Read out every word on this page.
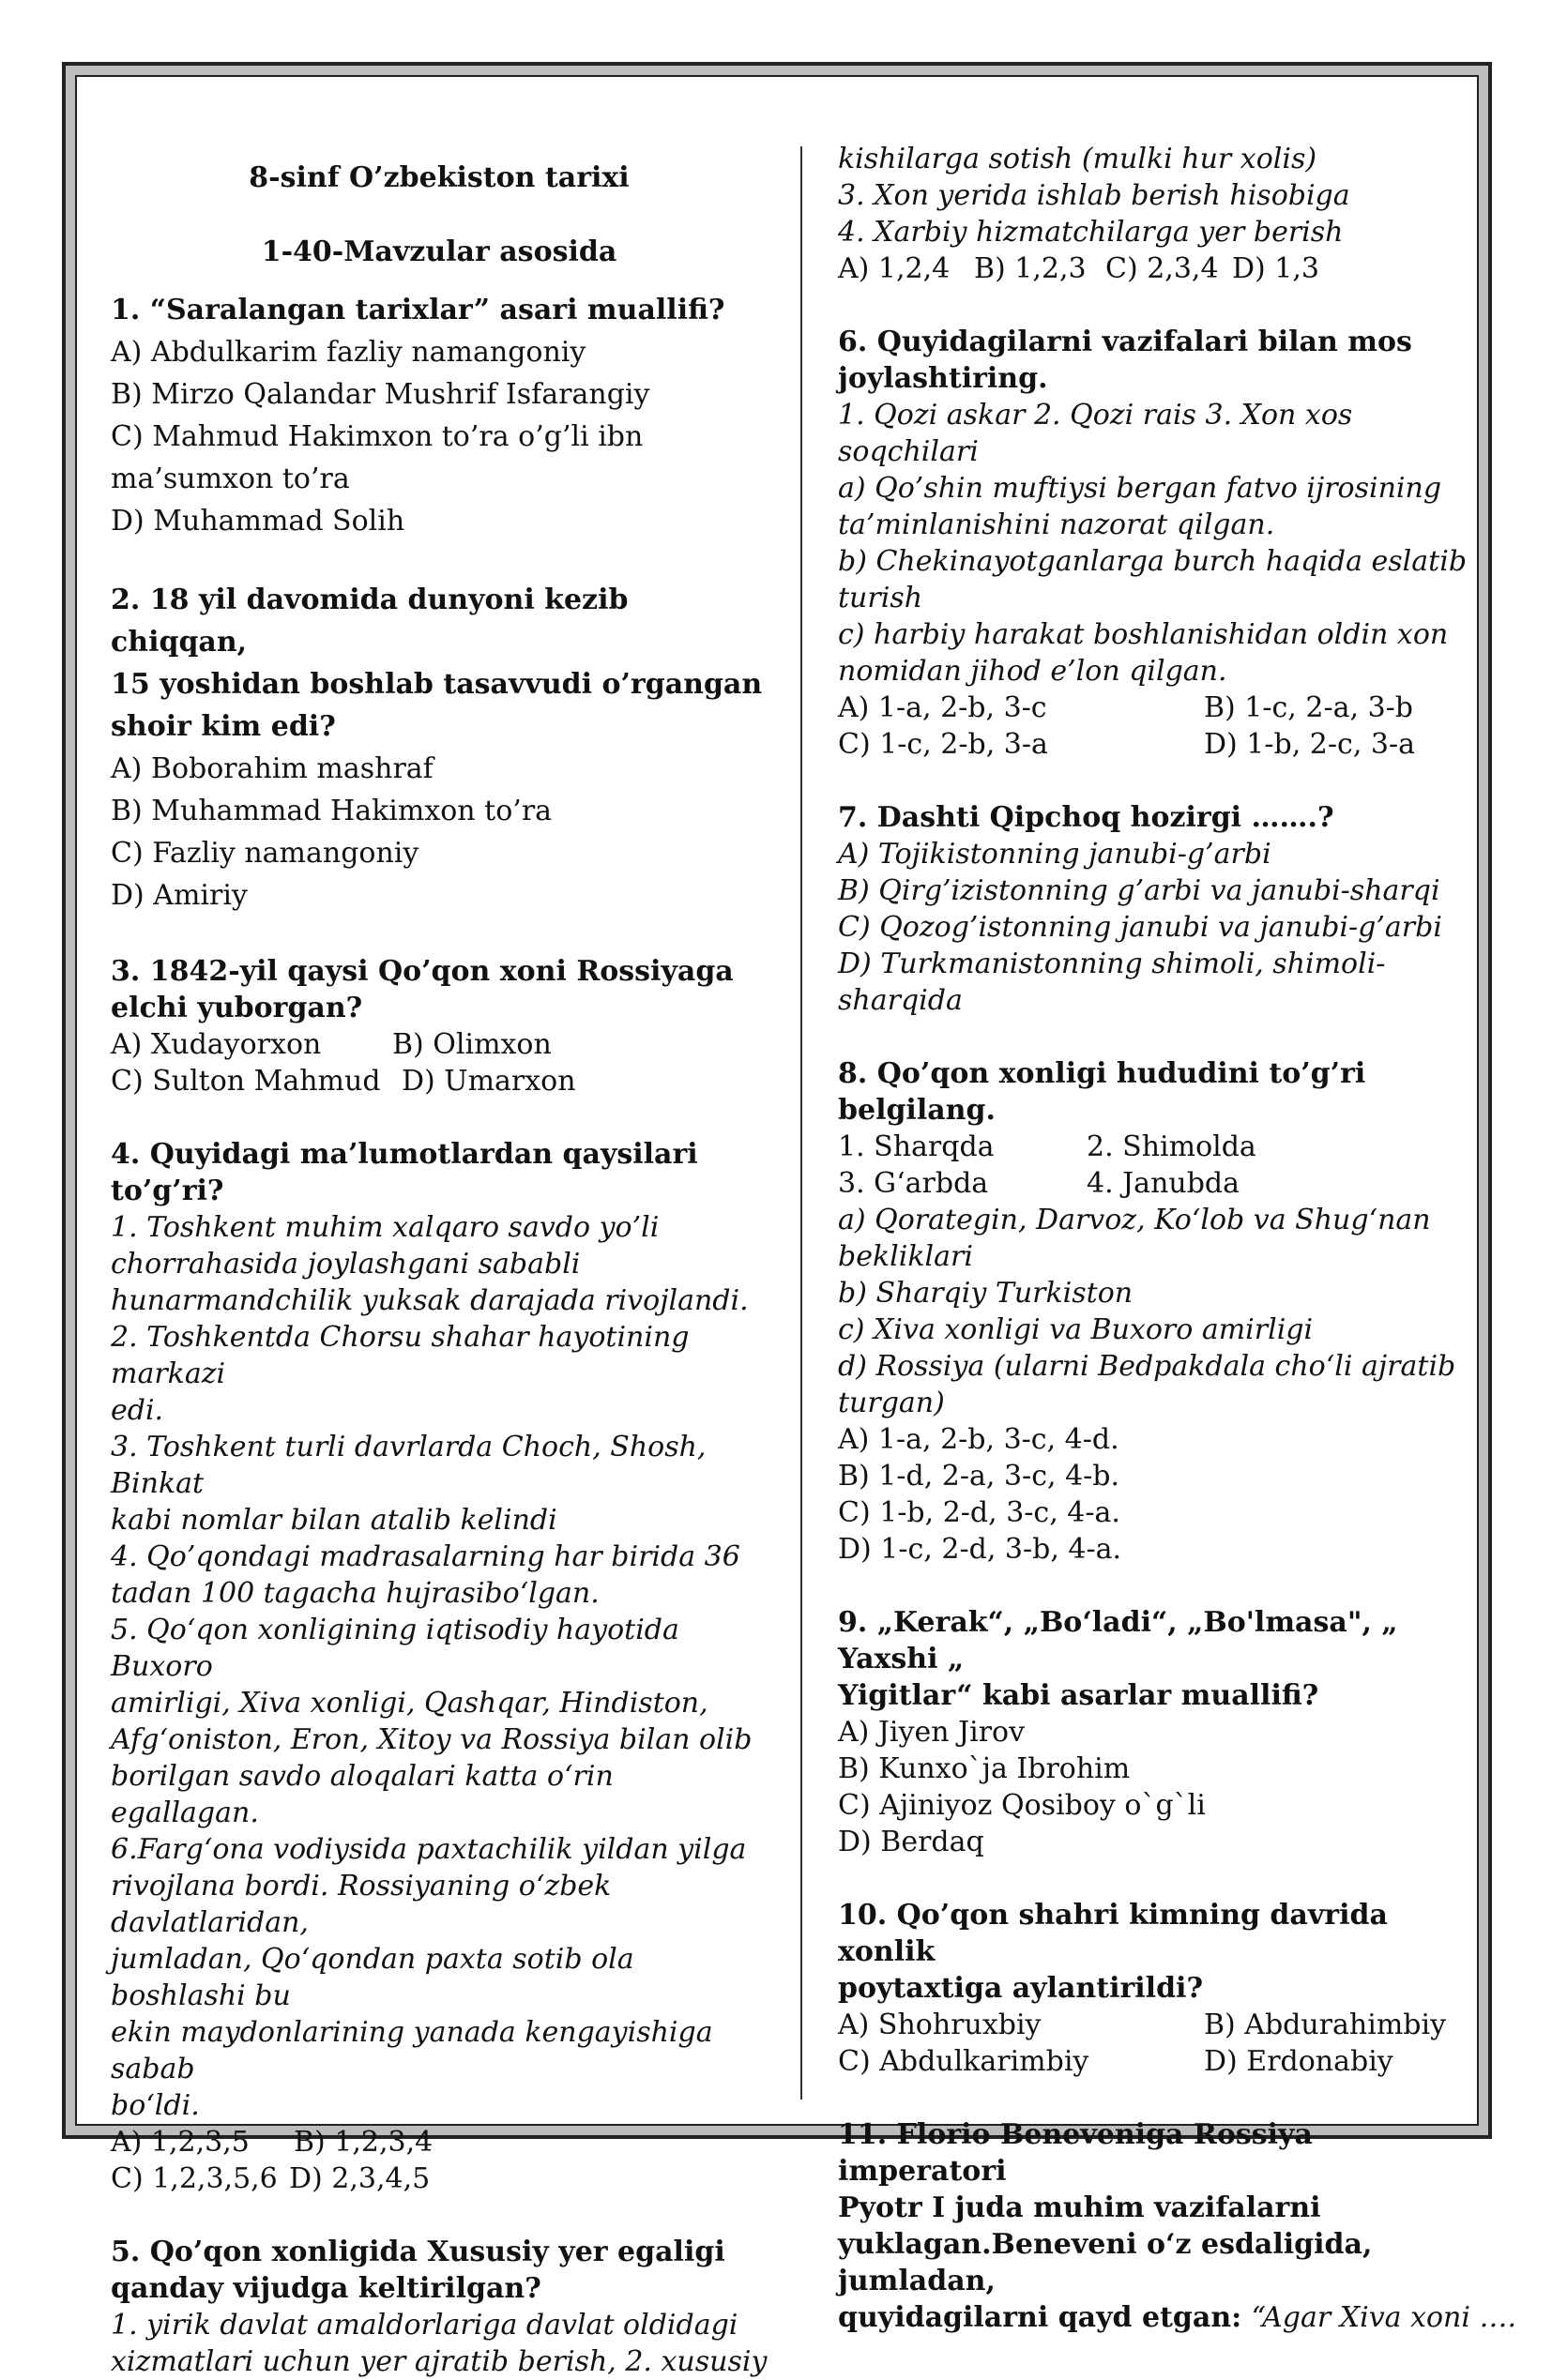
8-sinf O’zbekiston tarixi

1-40-Mavzular asosida

1. “Saralangan tarixlar” asari muallifi?

A) Abdulkarim fazliy namangoniy

B) Mirzo Qalandar Mushrif Isfarangiy

C) Mahmud Hakimxon to’ra o’g’li ibn

ma’sumxon to’ra

D) Muhammad Solih

2. 18 yil davomida dunyoni kezib chiqqan,

15 yoshidan boshlab tasavvudi o’rgangan

shoir kim edi?

A) Boborahim mashraf

B) Muhammad Hakimxon to’ra

C) Fazliy namangoniy

D) Amiriy

3. 1842-yil qaysi Qo’qon xoni Rossiyaga

elchi yuborgan?

A) Xudayorxon	B) Olimxon
C) Sulton Mahmud D) Umarxon

4. Quyidagi ma’lumotlardan qaysilari to’g’ri?

1. Toshkent muhim xalqaro savdo yo’li

chorrahasida joylashgani sababli

hunarmandchilik yuksak darajada rivojlandi.

2. Toshkentda Chorsu shahar hayotining markazi

edi.

3. Toshkent turli davrlarda Choch, Shosh, Binkat

kabi nomlar bilan atalib kelindi

4. Qo’qondagi madrasalarning har birida 36

tadan 100 tagacha hujrasibo‘lgan.

5. Qo‘qon xonligining iqtisodiy hayotida Buxoro

amirligi, Xiva xonligi, Qashqar, Hindiston,

Afg‘oniston, Eron, Xitoy va Rossiya bilan olib

borilgan savdo aloqalari katta o‘rin egallagan.

6.Farg‘ona vodiysida paxtachilik yildan yilga

rivojlana bordi. Rossiyaning o‘zbek davlatlaridan,

jumladan, Qo‘qondan paxta sotib ola boshlashi bu

ekin maydonlarining yanada kengayishiga sabab

bo‘ldi.

A) 1,2,3,5	B) 1,2,3,4
C) 1,2,3,5,6 D) 2,3,4,5

5. Qo’qon xonligida Xususiy yer egaligi

qanday vijudga keltirilgan?

1. yirik davlat amaldorlariga davlat oldidagi

xizmatlari uchun yer ajratib berish, 2. xususiy

kishilarga sotish (mulki hur xolis)

3. Xon yerida ishlab berish hisobiga

4. Xarbiy hizmatchilarga yer berish

A) 1,2,4 B) 1,2,3 C) 2,3,4 D) 1,3

6. Quyidagilarni vazifalari bilan mos

joylashtiring.

1. Qozi askar 2. Qozi rais 3. Xon xos soqchilari

a) Qo’shin muftiysi bergan fatvo ijrosining

ta’minlanishini nazorat qilgan.

b) Chekinayotganlarga burch haqida eslatib

turish

c) harbiy harakat boshlanishidan oldin xon

nomidan jihod e’lon qilgan.

A) 1-a, 2-b, 3-c	B) 1-c, 2-a, 3-b
C) 1-c, 2-b, 3-a	D) 1-b, 2-c, 3-a

7. Dashti Qipchoq hozirgi …….?

A) Tojikistonning janubi-g’arbi

B) Qirg’izistonning g’arbi va janubi-sharqi

C) Qozog’istonning janubi va janubi-g’arbi

D) Turkmanistonning shimoli, shimoli-sharqida

8. Qo’qon xonligi hududini to’g’ri belgilang.

1. Sharqda	2. Shimolda
3. G‘arbda	4. Janubda

a) Qorategin, Darvoz, Ko‘lob va Shug‘nan

bekliklari

b) Sharqiy Turkiston

c) Xiva xonligi va Buxoro amirligi

d) Rossiya (ularni Bedpakdala cho‘li ajratib

turgan)

A) 1-a, 2-b, 3-c, 4-d.

B) 1-d, 2-a, 3-c, 4-b.

C) 1-b, 2-d, 3-c, 4-a.

D) 1-c, 2-d, 3-b, 4-a.

9. „Kerak“, „Bo‘ladi“, „Bo'lmasa", „ Yaxshi „

Yigitlar“ kabi asarlar muallifi?

A) Jiyen Jirov

B) Kunxo`ja Ibrohim

C) Ajiniyoz Qosiboy o`g`li

D) Berdaq

10. Qo’qon shahri kimning davrida xonlik

poytaxtiga aylantirildi?

A) Shohruxbiy	B) Abdurahimbiy
C) Abdulkarimbiy	D) Erdonabiy

11. Florio Beneveniga Rossiya imperatori

Pyotr I juda muhim vazifalarni

yuklagan.Beneveni o‘z esdaligida, jumladan,

quyidagilarni qayd etgan: “Agar Xiva xoni ….
